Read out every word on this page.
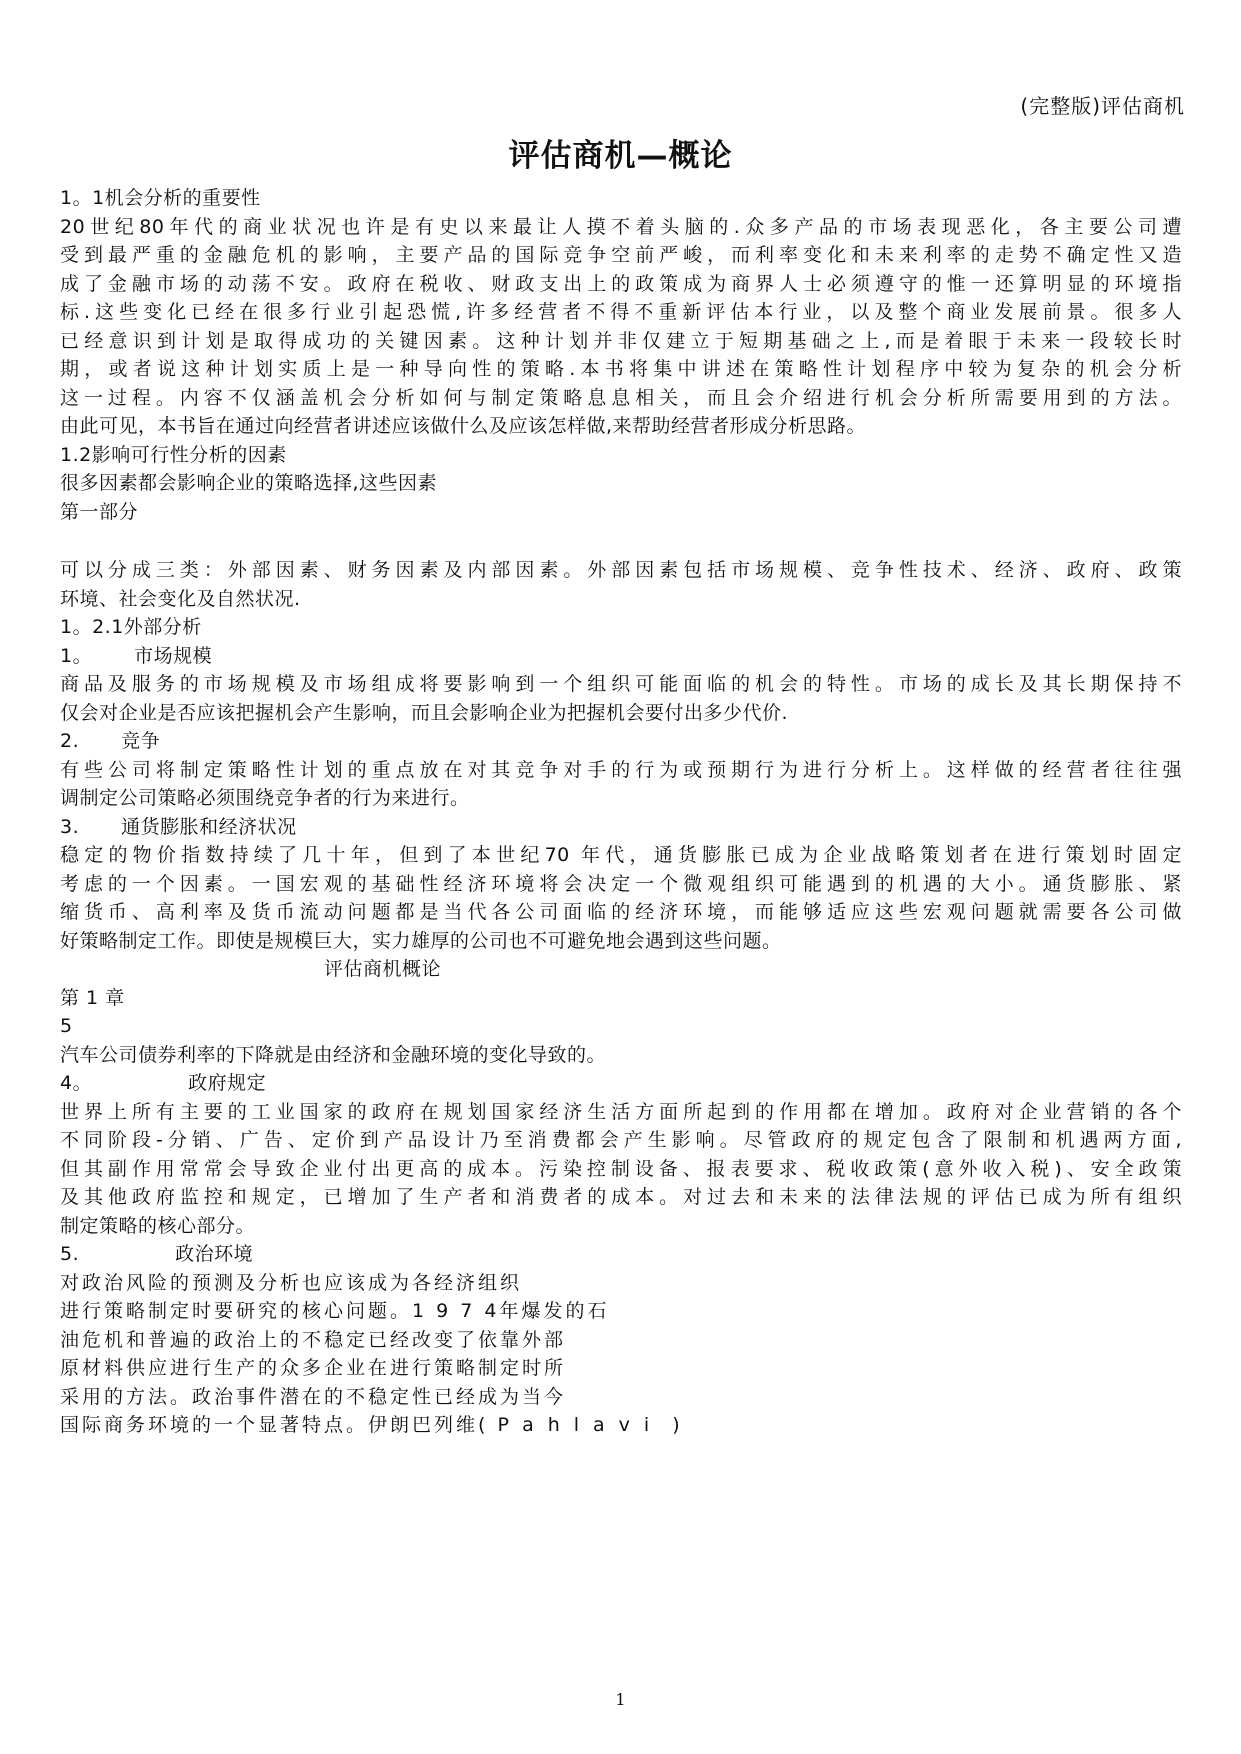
(完整版)评估商机
评估商机—概论
1。1机会分析的重要性
20世纪80年代的商业状况也许是有史以来最让人摸不着头脑的.众多产品的市场表现恶化，各主要公司遭
受到最严重的金融危机的影响，主要产品的国际竞争空前严峻，而利率变化和未来利率的走势不确定性又造
成了金融市场的动荡不安。政府在税收、财政支出上的政策成为商界人士必须遵守的惟一还算明显的环境指
标.这些变化已经在很多行业引起恐慌,许多经营者不得不重新评估本行业，以及整个商业发展前景。很多人
已经意识到计划是取得成功的关键因素。这种计划并非仅建立于短期基础之上,而是着眼于未来一段较长时
期，或者说这种计划实质上是一种导向性的策略.本书将集中讲述在策略性计划程序中较为复杂的机会分析
这一过程。内容不仅涵盖机会分析如何与制定策略息息相关，而且会介绍进行机会分析所需要用到的方法。
由此可见，本书旨在通过向经营者讲述应该做什么及应该怎样做,来帮助经营者形成分析思路。
1.2影响可行性分析的因素
很多因素都会影响企业的策略选择,这些因素
第一部分
可以分成三类：外部因素、财务因素及内部因素。外部因素包括市场规模、竞争性技术、经济、政府、政策
环境、社会变化及自然状况.
1。2.1外部分析
1。 市场规模
商品及服务的市场规模及市场组成将要影响到一个组织可能面临的机会的特性。市场的成长及其长期保持不
仅会对企业是否应该把握机会产生影响，而且会影响企业为把握机会要付出多少代价.
2. 竞争
有些公司将制定策略性计划的重点放在对其竞争对手的行为或预期行为进行分析上。这样做的经营者往往强
调制定公司策略必须围绕竞争者的行为来进行。
3. 通货膨胀和经济状况
稳定的物价指数持续了几十年，但到了本世纪70 年代，通货膨胀已成为企业战略策划者在进行策划时固定
考虑的一个因素。一国宏观的基础性经济环境将会决定一个微观组织可能遇到的机遇的大小。通货膨胀、紧
缩货币、高利率及货币流动问题都是当代各公司面临的经济环境，而能够适应这些宏观问题就需要各公司做
好策略制定工作。即使是规模巨大，实力雄厚的公司也不可避免地会遇到这些问题。
评估商机概论
第 1 章
5
汽车公司债券利率的下降就是由经济和金融环境的变化导致的。
4。	政府规定
世界上所有主要的工业国家的政府在规划国家经济生活方面所起到的作用都在增加。政府对企业营销的各个
不同阶段-分销、广告、定价到产品设计乃至消费都会产生影响。尽管政府的规定包含了限制和机遇两方面,
但其副作用常常会导致企业付出更高的成本。污染控制设备、报表要求、税收政策(意外收入税)、安全政策
及其他政府监控和规定，已增加了生产者和消费者的成本。对过去和未来的法律法规的评估已成为所有组织
制定策略的核心部分。
5.	政治环境
对政治风险的预测及分析也应该成为各经济组织
进行策略制定时要研究的核心问题。1 9 7 4年爆发的石
油危机和普遍的政治上的不稳定已经改变了依靠外部
原材料供应进行生产的众多企业在进行策略制定时所
采用的方法。政治事件潜在的不稳定性已经成为当今
国际商务环境的一个显著特点。伊朗巴列维( Pahlavi )
1
